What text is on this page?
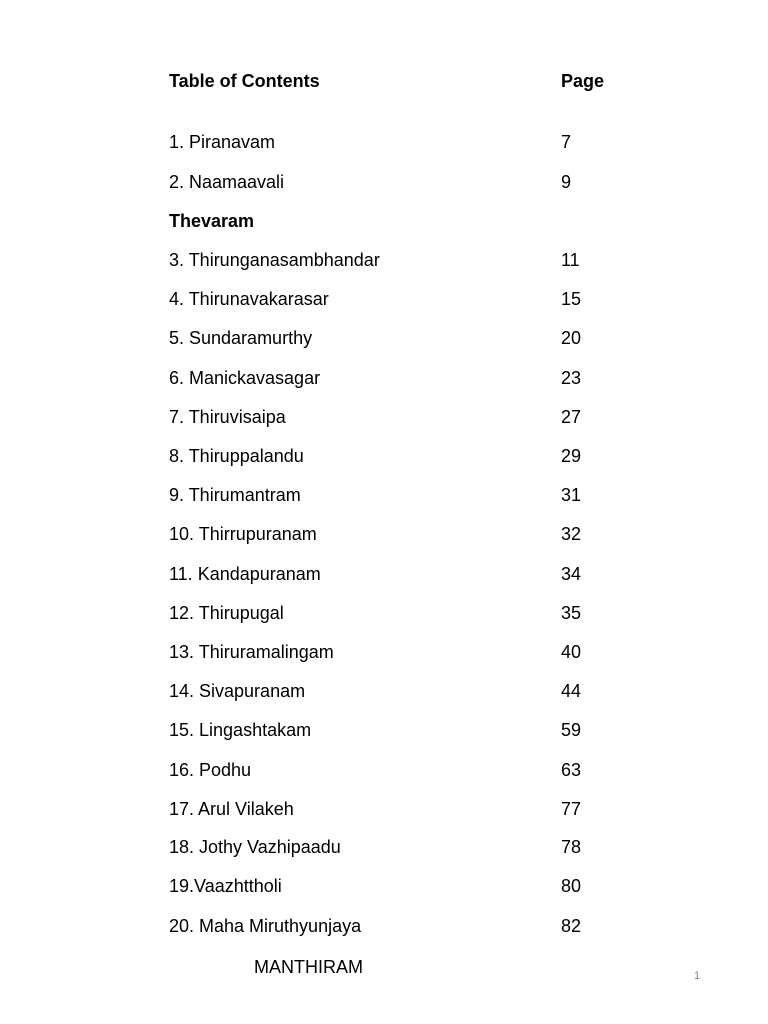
Table of Contents	Page
1. Piranavam	7
2. Naamaavali	9
Thevaram
3. Thirunganasambhandar	11
4. Thirunavakarasar	15
5. Sundaramurthy	20
6. Manickavasagar	23
7. Thiruvisaipa	27
8. Thiruppalandu	29
9. Thirumantram	31
10. Thirrupuranam	32
11. Kandapuranam	34
12. Thirupugal	35
13. Thiruramalingam	40
14. Sivapuranam	44
15. Lingashtakam	59
16. Podhu	63
17. Arul Vilakeh	77
18. Jothy Vazhipaadu	78
19.Vaazhttholi	80
20. Maha Miruthyunjaya	82
MANTHIRAM	1
